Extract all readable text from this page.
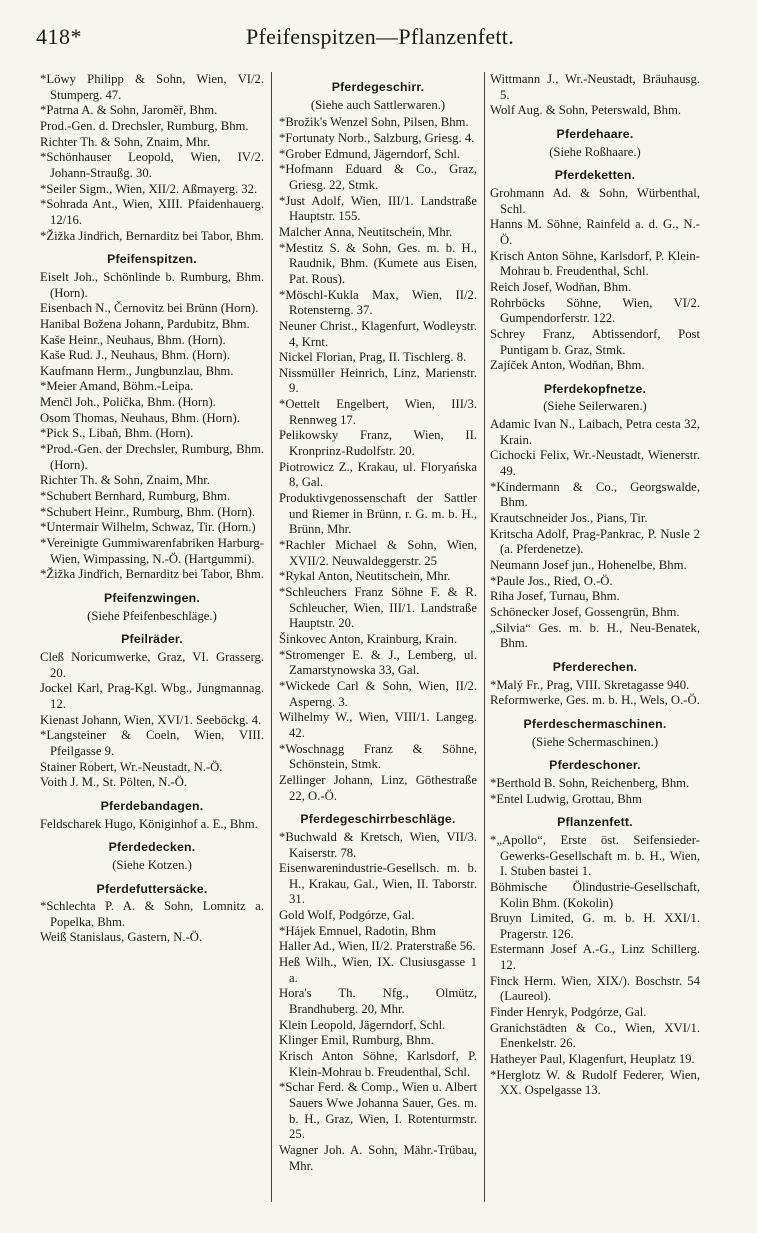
418*	Pfeifenspitzen—Pflanzenfett.
*Löwy Philipp & Sohn, Wien, VI/2. Stumperg. 47.
*Patrna A. & Sohn, Jaroměř, Bhm.
Prod.-Gen. d. Drechsler, Rumburg, Bhm.
Richter Th. & Sohn, Znaim, Mhr.
*Schönhauser Leopold, Wien, IV/2. Johann-Straußg. 30.
*Seiler Sigm., Wien, XII/2. Aßmayerg. 32.
*Sohrada Ant., Wien, XIII. Pfaidenhauerg. 12/16.
*Žižka Jindřich, Bernarditz bei Tabor, Bhm.
Pfeifenspitzen.
Eiselt Joh., Schönlinde b. Rumburg, Bhm. (Horn).
Eisenbach N., Černovitz bei Brünn (Horn).
Hanibal Božena Johann, Pardubitz, Bhm.
Kaše Heinr., Neuhaus, Bhm. (Horn).
Kaše Rud. J., Neuhaus, Bhm. (Horn).
Kaufmann Herm., Jungbunzlau, Bhm.
*Meier Amand, Böhm.-Leipa.
Menčl Joh., Polička, Bhm. (Horn).
Osom Thomas, Neuhaus, Bhm. (Horn).
*Pick S., Libaň, Bhm. (Horn).
*Prod.-Gen. der Drechsler, Rumburg, Bhm. (Horn).
Richter Th. & Sohn, Znaim, Mhr.
*Schubert Bernhard, Rumburg, Bhm.
*Schubert Heinr., Rumburg, Bhm. (Horn).
*Untermair Wilhelm, Schwaz, Tir. (Horn.)
*Vereinigte Gummiwarenfabriken Harburg-Wien, Wimpassing, N.-Ö. (Hartgummi).
*Žižka Jindřich, Bernarditz bei Tabor, Bhm.
Pfeifenzwingen.
(Siehe Pfeifenbeschläge.)
Pfeilräder.
Cleß Noricumwerke, Graz, VI. Grasserg. 20.
Jockel Karl, Prag-Kgl. Wbg., Jungmannag. 12.
Kienast Johann, Wien, XVI/1. Seeböckg. 4.
*Langsteiner & Coeln, Wien, VIII. Pfeilgasse 9.
Stainer Robert, Wr.-Neustadt, N.-Ö.
Voith J. M., St. Pölten, N.-Ö.
Pferdebandagen.
Feldscharek Hugo, Königinhof a. E., Bhm.
Pferdedecken.
(Siehe Kotzen.)
Pferdefuttersäcke.
*Schlechta P. A. & Sohn, Lomnitz a. Popelka, Bhm.
Weiß Stanislaus, Gastern, N.-Ö.
Pferdegeschirr.
(Siehe auch Sattlerwaren.)
*Brožik's Wenzel Sohn, Pilsen, Bhm.
*Fortunaty Norb., Salzburg, Griesg. 4.
*Grober Edmund, Jägerndorf, Schl.
*Hofmann Eduard & Co., Graz, Griesg. 22, Stmk.
*Just Adolf, Wien, III/1. Landstraße Hauptstr. 155.
Malcher Anna, Neutitschein, Mhr.
*Mestitz S. & Sohn, Ges. m. b. H., Raudnik, Bhm. (Kumete aus Eisen, Pat. Rous).
*Möschl-Kukla Max, Wien, II/2. Rotensterng. 37.
Neuner Christ., Klagenfurt, Wodleystr. 4, Krnt.
Nickel Florian, Prag, II. Tischlerg. 8.
Nissmüller Heinrich, Linz, Marienstr. 9.
*Oettelt Engelbert, Wien, III/3. Rennweg 17.
Pelikowsky Franz, Wien, II. Kronprinz-Rudolfstr. 20.
Piotrowicz Z., Krakau, ul. Floryańska 8, Gal.
Produktivgenossenschaft der Sattler und Riemer in Brünn, r. G. m. b. H., Brünn, Mhr.
*Rachler Michael & Sohn, Wien, XVII/2. Neuwaldeggerstr. 25
*Rykal Anton, Neutitschein, Mhr.
*Schleuchers Franz Söhne F. & R. Schleucher, Wien, III/1. Landstraße Hauptstr. 20.
Šinkovec Anton, Krainburg, Krain.
*Stromenger E. & J., Lemberg, ul. Zamarstynowska 33, Gal.
*Wickede Carl & Sohn, Wien, II/2. Asperng. 3.
Wilhelmy W., Wien, VIII/1. Langeg. 42.
*Woschnagg Franz & Söhne, Schönstein, Stmk.
Zellinger Johann, Linz, Göthestraße 22, O.-Ö.
Pferdegeschirrbeschläge.
*Buchwald & Kretsch, Wien, VII/3. Kaiserstr. 78.
Eisenwarenindustrie-Gesellsch. m. b. H., Krakau, Gal., Wien, II. Taborstr. 31.
Gold Wolf, Podgórze, Gal.
*Hájek Emnuel, Radotin, Bhm
Haller Ad., Wien, II/2. Praterstraße 56.
Heß Wilh., Wien, IX. Clusiusgasse 1 a.
Hora's Th. Nfg., Olmütz, Brandhuberg. 20, Mhr.
Klein Leopold, Jägerndorf, Schl.
Klinger Emil, Rumburg, Bhm.
Krisch Anton Söhne, Karlsdorf, P. Klein-Mohrau b. Freudenthal, Schl.
*Schar Ferd. & Comp., Wien u. Albert Sauers Wwe Johanna Sauer, Ges. m. b. H., Graz, Wien, I. Rotenturmstr. 25.
Wagner Joh. A. Sohn, Mähr.-Trübau, Mhr.
Wittmann J., Wr.-Neustadt, Bräuhausg. 5.
Wolf Aug. & Sohn, Peterswald, Bhm.
Pferdehaare.
(Siehe Roßhaare.)
Pferdeketten.
Grohmann Ad. & Sohn, Würbenthal, Schl.
Hanns M. Söhne, Rainfeld a. d. G., N.-Ö.
Krisch Anton Söhne, Karlsdorf, P. Klein-Mohrau b. Freudenthal, Schl.
Reich Josef, Wodňan, Bhm.
Rohrböcks Söhne, Wien, VI/2. Gumpendorferstr. 122.
Schrey Franz, Abtissendorf, Post Puntigam b. Graz, Stmk.
Zajíček Anton, Wodňan, Bhm.
Pferdekopfnetze.
(Siehe Seilerwaren.)
Adamic Ivan N., Laibach, Petra cesta 32, Krain.
Cichocki Felix, Wr.-Neustadt, Wienerstr. 49.
*Kindermann & Co., Georgswalde, Bhm.
Krautschneider Jos., Pians, Tir.
Kritscha Adolf, Prag-Pankrac, P. Nusle 2 (a. Pferdenetze).
Neumann Josef jun., Hohenelbe, Bhm.
*Paule Jos., Ried, O.-Ö.
Riha Josef, Turnau, Bhm.
Schönecker Josef, Gossengrün, Bhm.
„Silvia“ Ges. m. b. H., Neu-Benatek, Bhm.
Pferderechen.
*Malý Fr., Prag, VIII. Skretagasse 940.
Reformwerke, Ges. m. b. H., Wels, O.-Ö.
Pferdeschermaschinen.
(Siehe Schermaschinen.)
Pferdeschoner.
*Berthold B. Sohn, Reichenberg, Bhm.
*Entel Ludwig, Grottau, Bhm
Pflanzenfett.
*„Apollo“, Erste öst. Seifensieder-Gewerks-Gesellschaft m. b. H., Wien, I. Stuben bastei 1.
Böhmische Ölindustrie-Gesellschaft, Kolin Bhm. (Kokolin)
Bruyn Limited, G. m. b. H. XXI/1. Pragerstr. 126.
Estermann Josef A.-G., Linz Schillerg. 12.
Finck Herm. Wien, XIX/). Boschstr. 54 (Laureol).
Finder Henryk, Podgórze, Gal.
Granichstädten & Co., Wien, XVI/1. Enenkelstr. 26.
Hatheyer Paul, Klagenfurt, Heuplatz 19.
*Herglotz W. & Rudolf Federer, Wien, XX. Ospelgasse 13.
